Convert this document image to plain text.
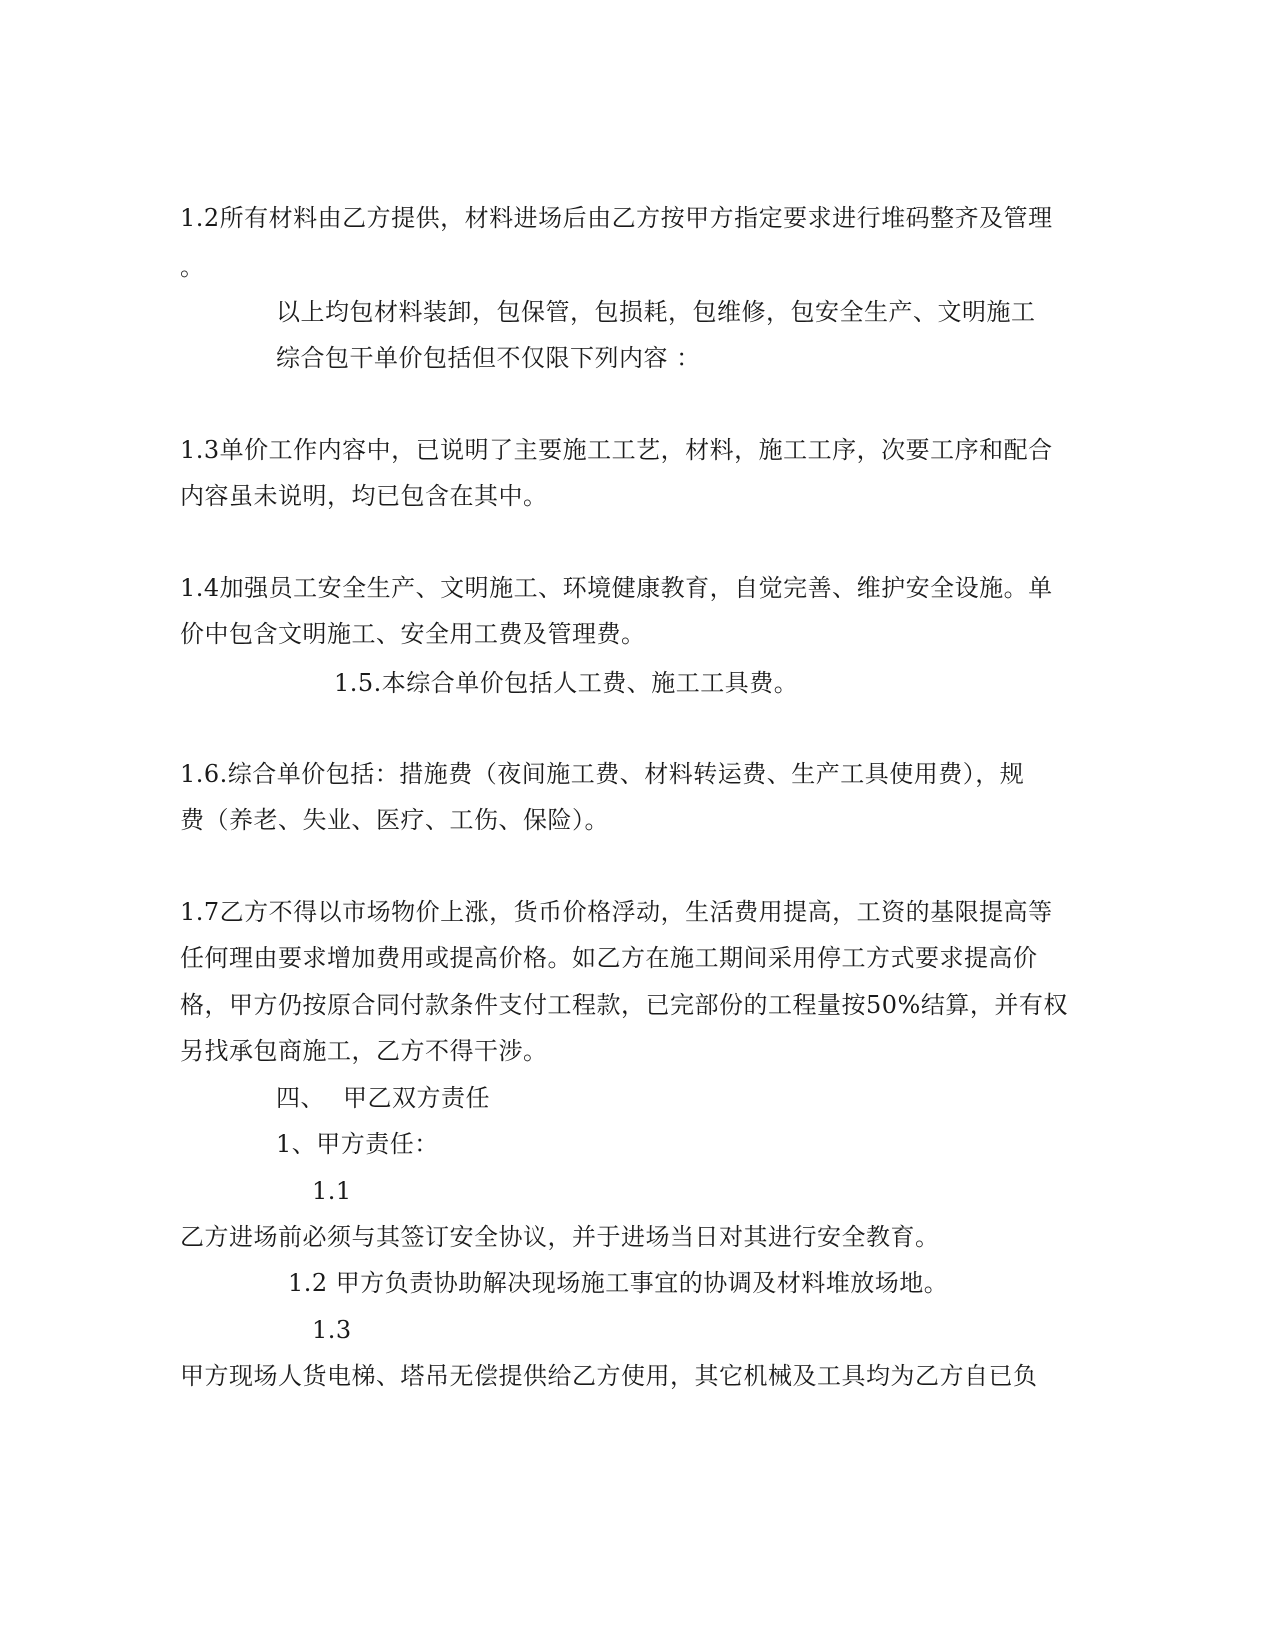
1.2所有材料由乙方提供，材料进场后由乙方按甲方指定要求进行堆码整齐及管理
。
以上均包材料装卸，包保管，包损耗，包维修，包安全生产、文明施工
综合包干单价包括但不仅限下列内容 ：
1.3单价工作内容中，已说明了主要施工工艺，材料，施工工序，次要工序和配合
内容虽未说明，均已包含在其中。
1.4加强员工安全生产、文明施工、环境健康教育，自觉完善、维护安全设施。单
价中包含文明施工、安全用工费及管理费。
1.5.本综合单价包括人工费、施工工具费。
1.6.综合单价包括：措施费（夜间施工费、材料转运费、生产工具使用费），规
费（养老、失业、医疗、工伤、保险）。
1.7乙方不得以市场物价上涨，货币价格浮动，生活费用提高，工资的基限提高等
任何理由要求增加费用或提高价格。如乙方在施工期间采用停工方式要求提高价
格，甲方仍按原合同付款条件支付工程款，已完部份的工程量按50%结算，并有权
另找承包商施工，乙方不得干涉。
四、 甲乙双方责任
1、甲方责任：
1.1
乙方进场前必须与其签订安全协议，并于进场当日对其进行安全教育。
1.2 甲方负责协助解决现场施工事宜的协调及材料堆放场地。
1.3
甲方现场人货电梯、塔吊无偿提供给乙方使用，其它机械及工具均为乙方自已负
